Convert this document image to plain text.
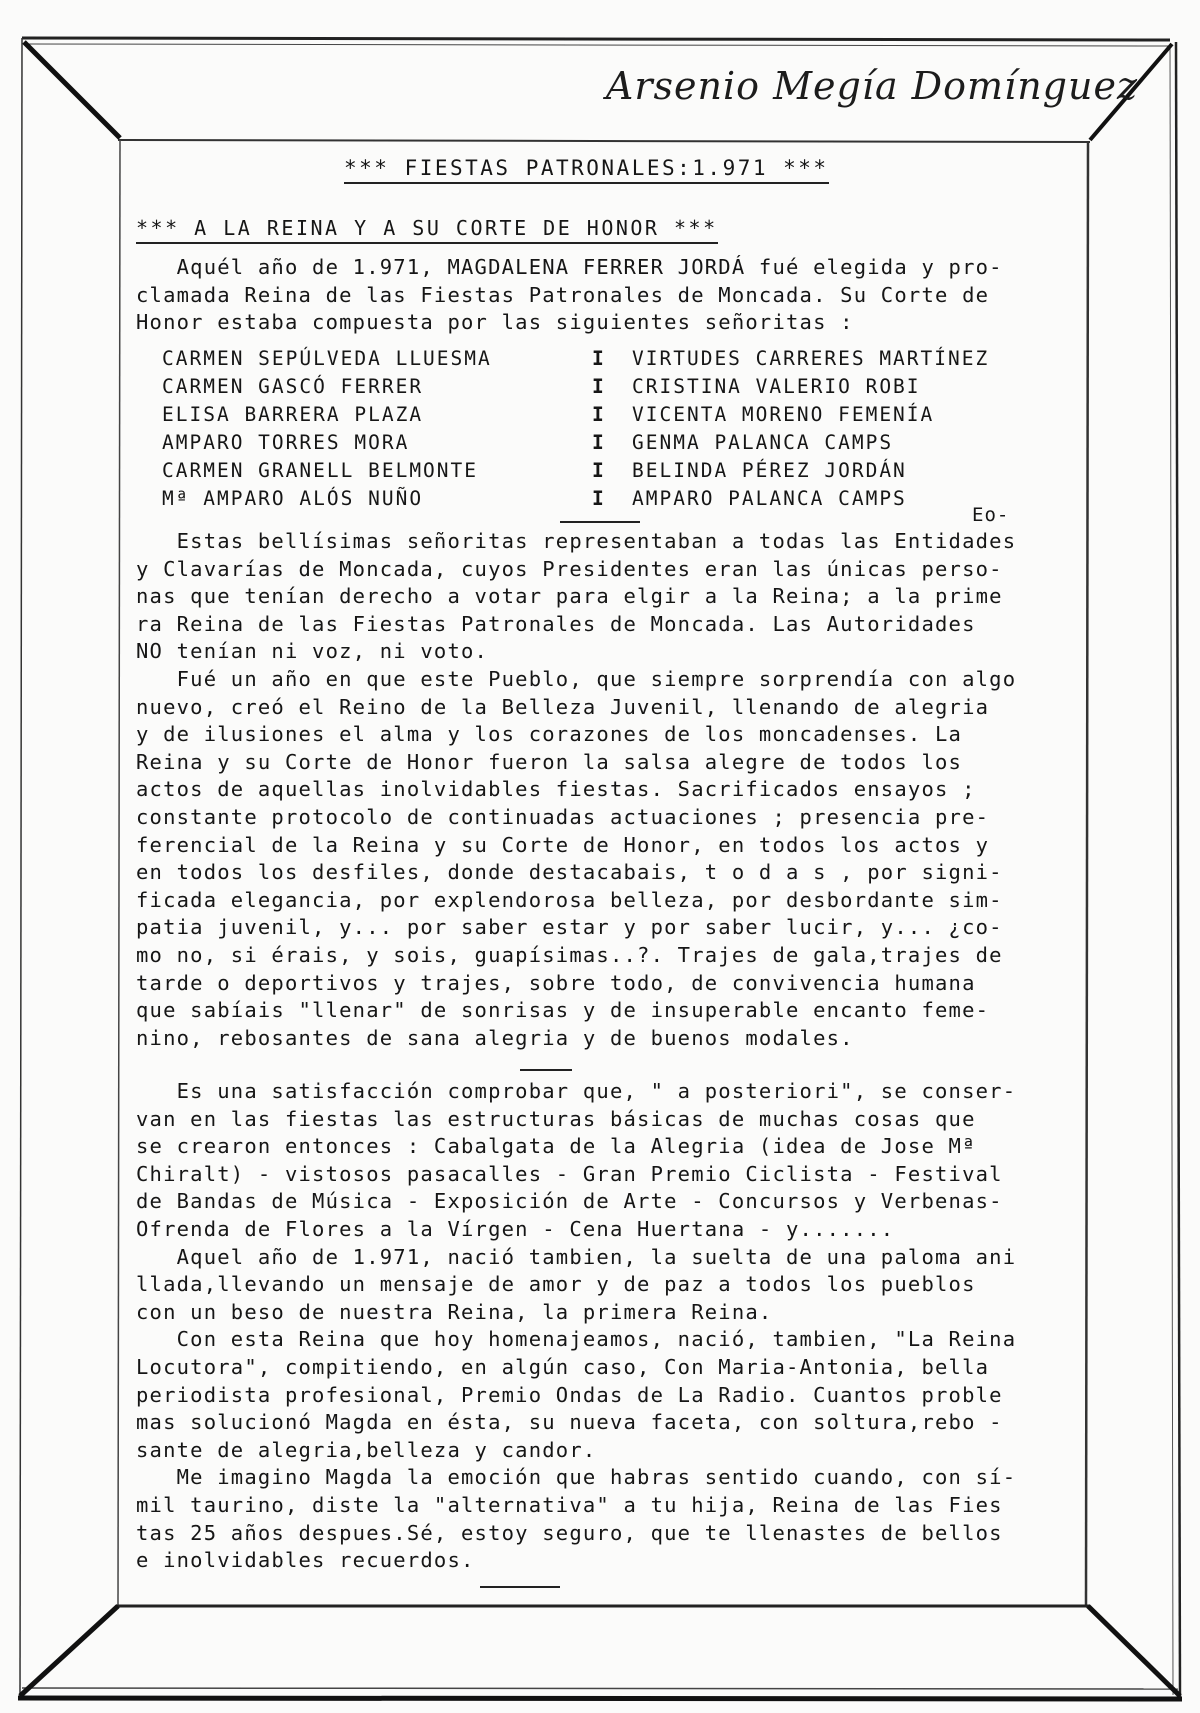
Arsenio Megía Domínguez
*** FIESTAS PATRONALES:1.971 ***
*** A LA REINA Y A SU CORTE DE HONOR ***
Aquél año de 1.971, MAGDALENA FERRER JORDÁ fué elegida y pro-
clamada Reina de las Fiestas Patronales de Moncada. Su Corte de
Honor estaba compuesta por las siguientes señoritas :
CARMEN SEPÚLVEDA LLUESMA	I	VIRTUDES CARRERES MARTÍNEZ
CARMEN GASCÓ FERRER	I	CRISTINA VALERIO ROBI
ELISA BARRERA PLAZA	I	VICENTA MORENO FEMENÍA
AMPARO TORRES MORA	I	GENMA PALANCA CAMPS
CARMEN GRANELL BELMONTE	I	BELINDA PÉREZ JORDÁN
Mª AMPARO ALÓS NUÑO	I	AMPARO PALANCA CAMPS
Eo-
Estas bellísimas señoritas representaban a todas las Entidades
y Clavarías de Moncada, cuyos Presidentes eran las únicas perso-
nas que tenían derecho a votar para elgir a la Reina; a la prime
ra Reina de las Fiestas Patronales de Moncada. Las Autoridades
NO tenían ni voz, ni voto.
Fué un año en que este Pueblo, que siempre sorprendía con algo
nuevo, creó el Reino de la Belleza Juvenil, llenando de alegria
y de ilusiones el alma y los corazones de los moncadenses. La
Reina y su Corte de Honor fueron la salsa alegre de todos los
actos de aquellas inolvidables fiestas. Sacrificados ensayos ;
constante protocolo de continuadas actuaciones ; presencia pre-
ferencial de la Reina y su Corte de Honor, en todos los actos y
en todos los desfiles, donde destacabais, t o d a s , por signi-
ficada elegancia, por explendorosa belleza, por desbordante sim-
patia juvenil, y... por saber estar y por saber lucir, y... ¿co-
mo no, si érais, y sois, guapísimas..?. Trajes de gala,trajes de
tarde o deportivos y trajes, sobre todo, de convivencia humana
que sabíais "llenar" de sonrisas y de insuperable encanto feme-
nino, rebosantes de sana alegria y de buenos modales.
Es una satisfacción comprobar que, " a posteriori", se conser-
van en las fiestas las estructuras básicas de muchas cosas que
se crearon entonces : Cabalgata de la Alegria (idea de Jose Mª
Chiralt) - vistosos pasacalles - Gran Premio Ciclista - Festival
de Bandas de Música - Exposición de Arte - Concursos y Verbenas-
Ofrenda de Flores a la Vírgen - Cena Huertana - y.......
Aquel año de 1.971, nació tambien, la suelta de una paloma ani
llada,llevando un mensaje de amor y de paz a todos los pueblos
con un beso de nuestra Reina, la primera Reina.
Con esta Reina que hoy homenajeamos, nació, tambien, "La Reina
Locutora", compitiendo, en algún caso, Con Maria-Antonia, bella
periodista profesional, Premio Ondas de La Radio. Cuantos proble
mas solucionó Magda en ésta, su nueva faceta, con soltura,rebo -
sante de alegria,belleza y candor.
Me imagino Magda la emoción que habras sentido cuando, con sí-
mil taurino, diste la "alternativa" a tu hija, Reina de las Fies
tas 25 años despues.Sé, estoy seguro, que te llenastes de bellos
e inolvidables recuerdos.
